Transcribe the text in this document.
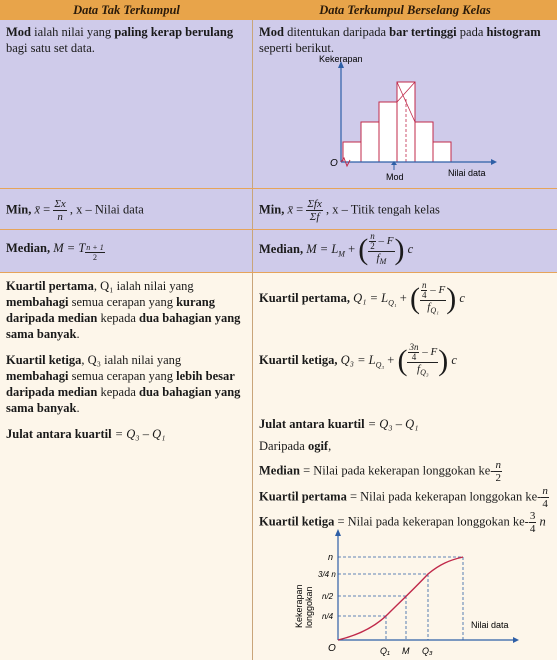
Data Tak Terkumpul	Data Terkumpul Berselang Kelas
Mod ialah nilai yang paling kerap berulang
bagi satu set data.
Mod ditentukan daripada bar tertinggi pada histogram
seperti berikut.
Kekerapan
Nilai data
O
Mod
Min, x̄ = $\frac{\Sigma x}{n}$ , x – Nilai data	Min, x̄ = $\frac{\text{Σfx}}{\Sigma f}$ , x – Titik tengah kelas
Median, M = T $\frac{n + 1}{2}$	Median, $M = L_M$ + ( $\frac{\frac{n}{2} - F}{f_M}$ ) c
Kuartil pertama, Q₁ ialah nilai yang membahagi semua cerapan yang kurang daripada median kepada dua bahagian yang sama banyak.
Kuartil ketiga, Q₃ ialah nilai yang membahagi semua cerapan yang lebih besar daripada median kepada dua bahagian yang sama banyak.
Julat antara kuartil = Q₃ – Q₁
Kuartil pertama, $Q_1 = L_{Q_1}$ + ( $\frac{\frac{n}{4} - F}{f_{Q_1}}$ ) c
Kuartil ketiga, $Q_3 = L_{Q_3}$ + ( $\frac{\frac{3n}{4} - F}{f_{Q_3}}$ ) c
Julat antara kuartil = Q₃ – Q₁
Daripada ogif,
Median = Nilai pada kekerapan longgokan $ke- \frac{n}{2}$
Kuartil pertama = Nilai pada kekerapan longgokan $ke- \frac{n}{4}$
Kuartil ketiga = Nilai pada kekerapan longgokan $ke- \frac{3}{4}$ n
n
3/4 n
n/2
n/4
Q₁ M Q₃
O
Nilai data
Kekerapan longgokan
